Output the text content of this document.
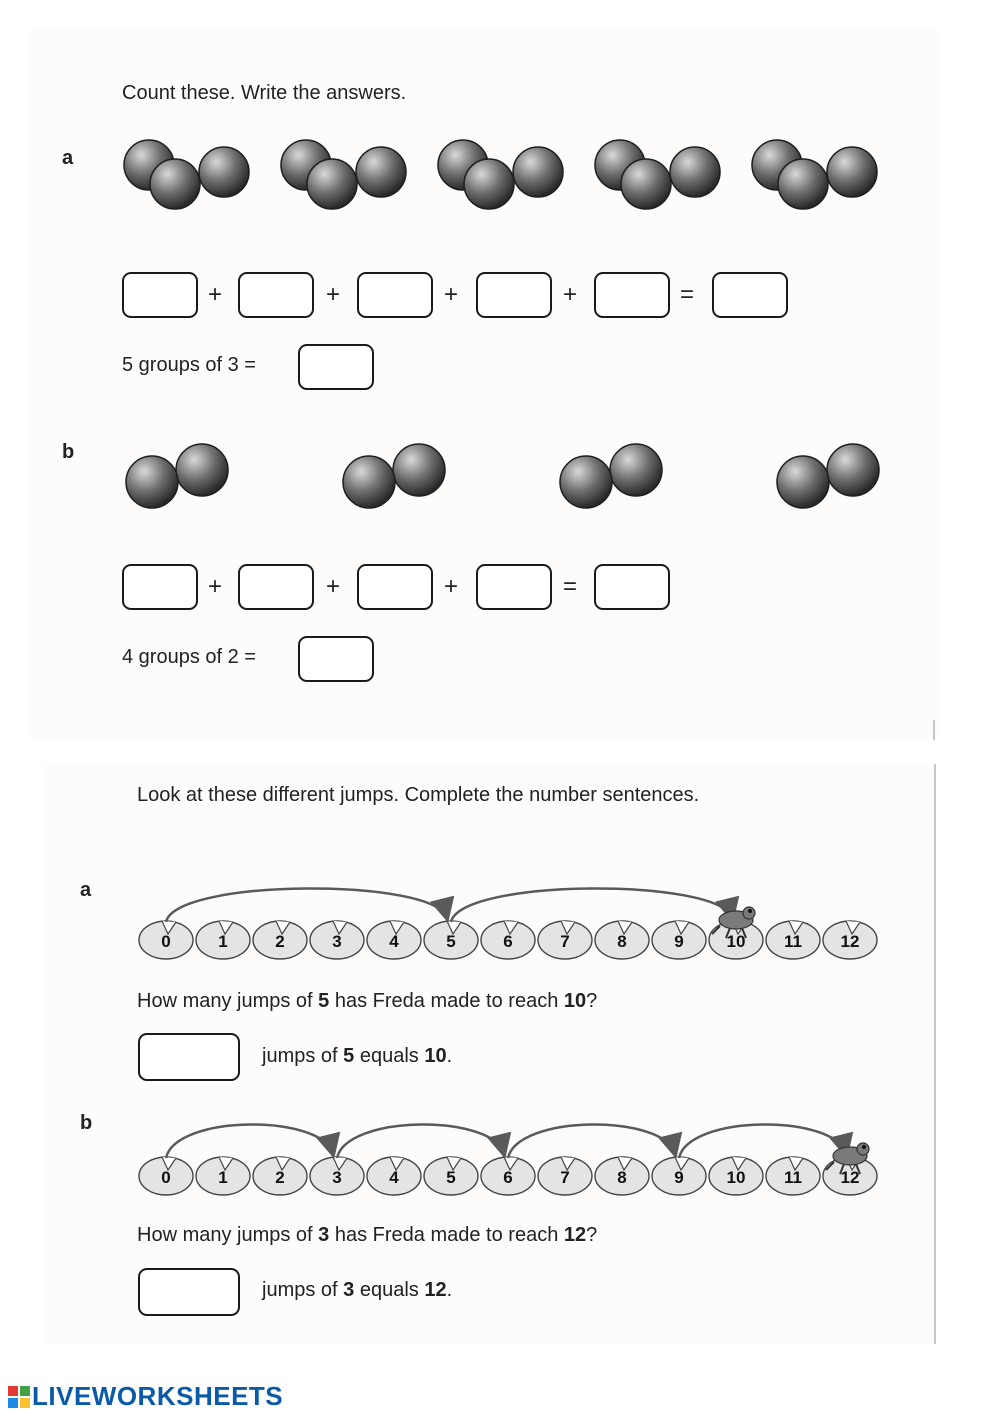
Count these. Write the answers.
a
+	+	+	+	=
5 groups of 3 =
b
+	+	+	=
4 groups of 2 =
Look at these different jumps. Complete the number sentences.
a
0	1	2	3	4	5	6	7	8	9	10 11 12
How many jumps of 5 has Freda made to reach 10?
jumps of 5 equals 10.
b
0	1	2	3	4	5	6	7	8	9	10 11 12
How many jumps of 3 has Freda made to reach 12?
jumps of 3 equals 12.
LIVEWORKSHEETS
